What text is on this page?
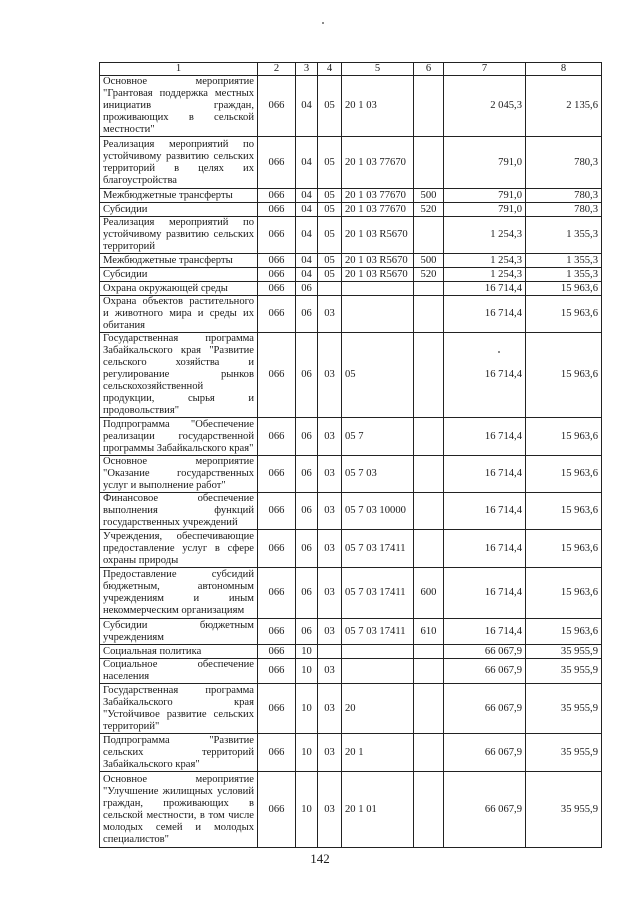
1	2	3	4	5	6	7	8
Основное мероприятие "Грантовая поддержка местных инициатив граждан, проживающих в сельской местности"	066	04	05	20 1 03		2 045,3	2 135,6
Реализация мероприятий по устойчивому развитию сельских территорий в целях их благоустройства	066	04	05	20 1 03 77670		791,0	780,3
Межбюджетные трансферты	066	04	05	20 1 03 77670	500	791,0	780,3
Субсидии	066	04	05	20 1 03 77670	520	791,0	780,3
Реализация мероприятий по устойчивому развитию сельских территорий	066	04	05	20 1 03 R5670		1 254,3	1 355,3
Межбюджетные трансферты	066	04	05	20 1 03 R5670	500	1 254,3	1 355,3
Субсидии	066	04	05	20 1 03 R5670	520	1 254,3	1 355,3
Охрана окружающей среды	066	06				16 714,4	15 963,6
Охрана объектов растительного и животного мира и среды их обитания	066	06	03			16 714,4	15 963,6
Государственная программа Забайкальского края "Развитие сельского хозяйства и регулирование рынков сельскохозяйственной продукции, сырья и продовольствия"	066	06	03	05		16 714,4	15 963,6
Подпрограмма "Обеспечение реализации государственной программы Забайкальского края"	066	06	03	05 7		16 714,4	15 963,6
Основное мероприятие "Оказание государственных услуг и выполнение работ"	066	06	03	05 7 03		16 714,4	15 963,6
Финансовое обеспечение выполнения функций государственных учреждений	066	06	03	05 7 03 10000		16 714,4	15 963,6
Учреждения, обеспечивающие предоставление услуг в сфере охраны природы	066	06	03	05 7 03 17411		16 714,4	15 963,6
Предоставление субсидий бюджетным, автономным учреждениям и иным некоммерческим организациям	066	06	03	05 7 03 17411	600	16 714,4	15 963,6
Субсидии бюджетным учреждениям	066	06	03	05 7 03 17411	610	16 714,4	15 963,6
Социальная политика	066	10				66 067,9	35 955,9
Социальное обеспечение населения	066	10	03			66 067,9	35 955,9
Государственная программа Забайкальского края "Устойчивое развитие сельских территорий"	066	10	03	20		66 067,9	35 955,9
Подпрограмма "Развитие сельских территорий Забайкальского края"	066	10	03	20 1		66 067,9	35 955,9
Основное мероприятие "Улучшение жилищных условий граждан, проживающих в сельской местности, в том числе молодых семей и молодых специалистов"	066	10	03	20 1 01		66 067,9	35 955,9
142
